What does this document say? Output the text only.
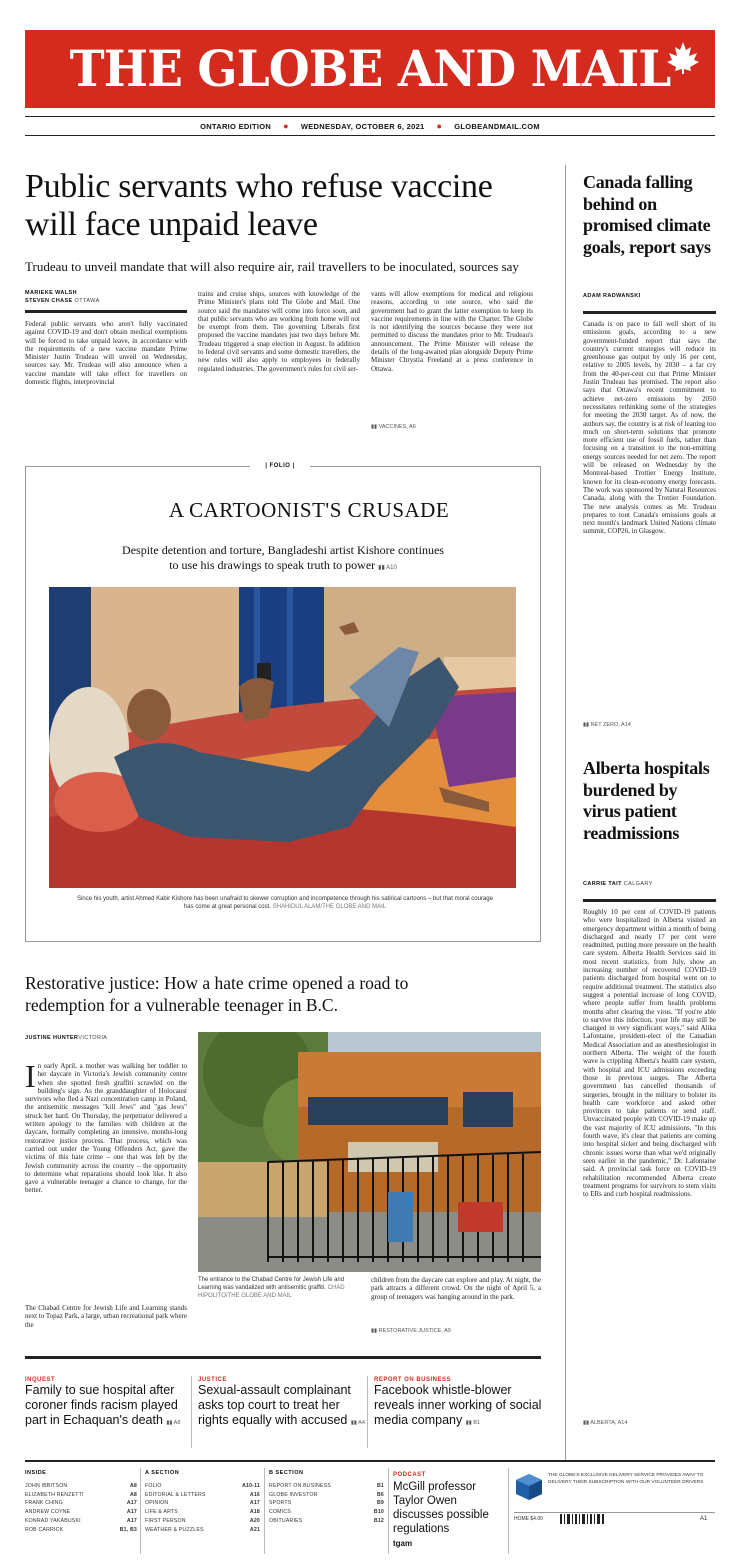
THE GLOBE AND MAIL
ONTARIO EDITION ● WEDNESDAY, OCTOBER 6, 2021 ● GLOBEANDMAIL.COM
Public servants who refuse vaccine will face unpaid leave
Trudeau to unveil mandate that will also require air, rail travellers to be inoculated, sources say
MARIEKE WALSH
STEVEN CHASE OTTAWA
Federal public servants who aren't fully vaccinated against COVID-19 and don't obtain medical exemptions will be forced to take unpaid leave, in accordance with the requirements of a new vaccine mandate Prime Minister Justin Trudeau will unveil on Wednesday, sources say. Mr. Trudeau will also announce when a vaccine mandate will take effect for travellers on domestic flights, interprovincial
trains and cruise ships, sources with knowledge of the Prime Minister's plans told The Globe and Mail. One source said the mandates will come into force soon, and that public servants who are working from home will not be exempt from them. The governing Liberals first proposed the vaccine mandates just two days before Mr. Trudeau triggered a snap election in August. In addition to federal civil servants and some domestic travellers, the new rules will also apply to employees in federally regulated industries. The government's rules for civil ser-
vants will allow exemptions for medical and religious reasons, according to one source, who said the government had to grant the latter exemption to keep its vaccine requirements in line with the Charter. The Globe is not identifying the sources because they were not permitted to discuss the mandates prior to Mr. Trudeau's announcement. The Prime Minister will release the details of the long-awaited plan alongside Deputy Prime Minister Chrystia Freeland at a press conference in Ottawa.
▮▮ VACCINES, A6
| FOLIO |
A CARTOONIST'S CRUSADE
Despite detention and torture, Bangladeshi artist Kishore continues to use his drawings to speak truth to power ▮▮ A10
Since his youth, artist Ahmed Kabir Kishore has been unafraid to skewer corruption and incompetence through his satirical cartoons – but that moral courage has come at great personal cost. SHAHIDUL ALAM/THE GLOBE AND MAIL
Restorative justice: How a hate crime opened a road to redemption for a vulnerable teenager in B.C.
JUSTINE HUNTERVICTORIA
In early April, a mother was walking her toddler to her daycare in Victoria's Jewish community centre when she spotted fresh graffiti scrawled on the building's sign. As the granddaughter of Holocaust survivors who fled a Nazi concentration camp in Poland, the antisemitic messages "kill Jews" and "gas Jews" struck her hard. On Thursday, the perpetrator delivered a written apology to the families with children at the daycare, formally completing an intensive, months-long restorative justice process. That process, which was carried out under the Young Offenders Act, gave the victims of this hate crime – one that was felt by the Jewish community across the country – the opportunity to determine what reparations should look like. It also gave a vulnerable teenager a chance to change, for the better.
The Chabad Centre for Jewish Life and Learning stands next to Topaz Park, a large, urban recreational park where the
The entrance to the Chabad Centre for Jewish Life and Learning was vandalized with antisemitic graffiti. CHAD HIPOLITO/THE GLOBE AND MAIL
children from the daycare can explore and play. At night, the park attracts a different crowd. On the night of April 5, a group of teenagers was hanging around in the park.
▮▮ RESTORATIVE JUSTICE, A9
Canada falling behind on promised climate goals, report says
ADAM RADWANSKI
Canada is on pace to fall well short of its emissions goals, according to a new government-funded report that says the country's current strategies will reduce its greenhouse gas output by only 16 per cent, relative to 2005 levels, by 2030 – a far cry from the 40-per-cent cut that Prime Minister Justin Trudeau has promised. The report also says that Ottawa's recent commitment to achieve net-zero emissions by 2050 necessitates rethinking some of the strategies for meeting the 2030 target. As of now, the authors say, the country is at risk of leaning too much on short-term solutions that promote more efficient use of fossil fuels, rather than focusing on a transition to the non-emitting energy sources needed for net zero. The report will be released on Wednesday by the Montreal-based Trottier Energy Institute, known for its clean-economy energy forecasts. The work was sponsored by Natural Resources Canada, along with the Trottier Foundation. The new analysis comes as Mr. Trudeau prepares to tout Canada's emissions goals at next month's landmark United Nations climate summit, COP26, in Glasgow.
▮▮ NET ZERO, A14
Alberta hospitals burdened by virus patient readmissions
CARRIE TAIT CALGARY
Roughly 10 per cent of COVID-19 patients who were hospitalized in Alberta visited an emergency department within a month of being discharged and nearly 17 per cent were readmitted, putting more pressure on the health care system. Alberta Health Services said its most recent statistics, from July, show an increasing number of recovered COVID-19 patients discharged from hospital went on to require additional treatment. The statistics also suggest a potential increase of long COVID, where people suffer from health problems months after clearing the virus. "If you're able to survive this infection, your life may still be changed in very significant ways," said Alika Lafontaine, president-elect of the Canadian Medical Association and an anesthesiologist in northern Alberta. The weight of the fourth wave is crippling Alberta's health care system, with hospital and ICU admissions exceeding those in previous surges. The Alberta government has cancelled thousands of surgeries, brought in the military to bolster its health care workforce and asked other provinces to take patients or send staff. Unvaccinated people with COVID-19 make up the vast majority of ICU admissions. "In this fourth wave, it's clear that patients are coming into hospital sicker and being discharged with chronic issues worse than what we'd originally seen earlier in the pandemic," Dr. Lafontaine said. A provincial task force on COVID-19 rehabilitation recommended Alberta create treatment programs for survivors to stem visits to ERs and curb hospital readmissions.
▮▮ ALBERTA, A14
INQUEST
Family to sue hospital after coroner finds racism played part in Echaquan's death ▮▮ A8
JUSTICE
Sexual-assault complainant asks top court to treat her rights equally with accused ▮▮ A4
REPORT ON BUSINESS
Facebook whistle-blower reveals inner working of social media company ▮▮ B1
INSIDE
JOHN IBBITSON	A8
ELIZABETH RENZETTI	A8
FRANK CHING	A17
ANDREW COYNE	A17
KONRAD YAKABUSKI	A17
ROB CARRICK	B1, B3
A SECTION
FOLIO	A10-11
EDITORIAL & LETTERS	A16
OPINION	A17
LIFE & ARTS	A18
FIRST PERSON	A20
WEATHER & PUZZLES	A21
B SECTION
REPORT ON BUSINESS	B1
GLOBE INVESTOR	B6
SPORTS	B9
COMICS	B10
OBITUARIES	B12
PODCAST
McGill professor Taylor Owen discusses possible regulations
tgam
THE GLOBE'S EXCLUSIVE DELIVERY SERVICE PROVIDES AWAY TO DELIVERY THEIR SUBSCRIPTION WITH OUR VOLUNTEER DRIVERS
HOME $4.00	A1
